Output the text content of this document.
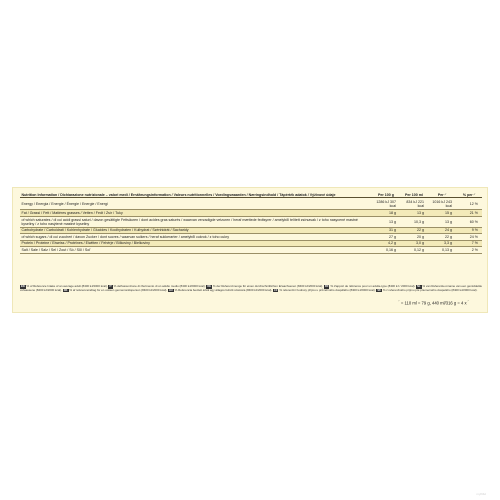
Nutrition Information / Dichiarazione nutrizionale – valori medi / Ernährungsinformation / Valeurs nutritionnelles / Voedingswaarden / Næringsindhold / Tápérték adatok / Výživové údaje	Per 100 g	Per 100 ml	Per ◜	% per ◜
Energy / Energia / Energie / Énergie / Energie / Energi	1286 kJ 307 kcal	834 kJ 221 kcal	1016 kJ 243 kcal	12 %
Fat / Grassi / Fett / Matières grasses / Vetten / Fedt / Zsír / Tuky	18 g	13 g	15 g	21 %
of which saturates / di cui acidi grassi saturi / davon gesättigte Fettsäuren / dont acides gras saturés / waarvan verzadigde vetzuren / heraf mættede fedtsyrer / amelyből telített zsírsavak / z toho nasycené mastné kyseliny / z toho nasýtené mastné kyseliny	13 g	10,3 g	13 g	60 %
Carbohydrate / Carboidrati / Kohlenhydrate / Glucides / Koolhydraten / Kulhydrat / Szénhidrát / Sacharidy	31 g	22 g	24 g	9 %
of which sugars / di cui zuccheri / davon Zucker / dont sucres / waarvan suikers / heraf sukkerarter / amelyből cukrok / z toho cukry	27 g	20 g	22 g	24 %
Protein / Proteine / Eiweiss / Protéines / Eiwitten / Fehérje / Bílkoviny / Bielkoviny	4,2 g	3,0 g	3,3 g	7 %
Salt / Sale / Salz / Sel / Zout / Só / Sůl / Soľ	0,16 g	0,12 g	0,13 g	2 %
EN % of Reference Intake of an average adult (8400 kJ/2000 kcal). IT % dell'assunzione di riferimento di un adulto medio (8400 kJ/2000 kcal). DE % der Referenzmenge für einen durchschnittlichen Erwachsenen (8400 kJ/2000 kcal). FR % d'apport de référence pour un adulte-type (8400 kJ / 2000 kcal). NL % van Referentie-inname van een gemiddelde volwassene (8400 kJ/2000 kcal). DK % af referenceindtag for en voksen gennemsnitsperson (8400 kJ/2000 kcal). HU % Referencia beviteli érték egy átlagos felnőtt számára (8400 kJ/2000 kcal). CZ % referenční hodnoty příjmu u průměrného dospělého (8400 kJ/2000 kcal). SK % z referenčného príjmu pre priemerného dospelého (8400 kJ/2000 kcal).
◜ = 110 ml = 79 g, 440 ml/316 g = 4 x ◜
myfitful
